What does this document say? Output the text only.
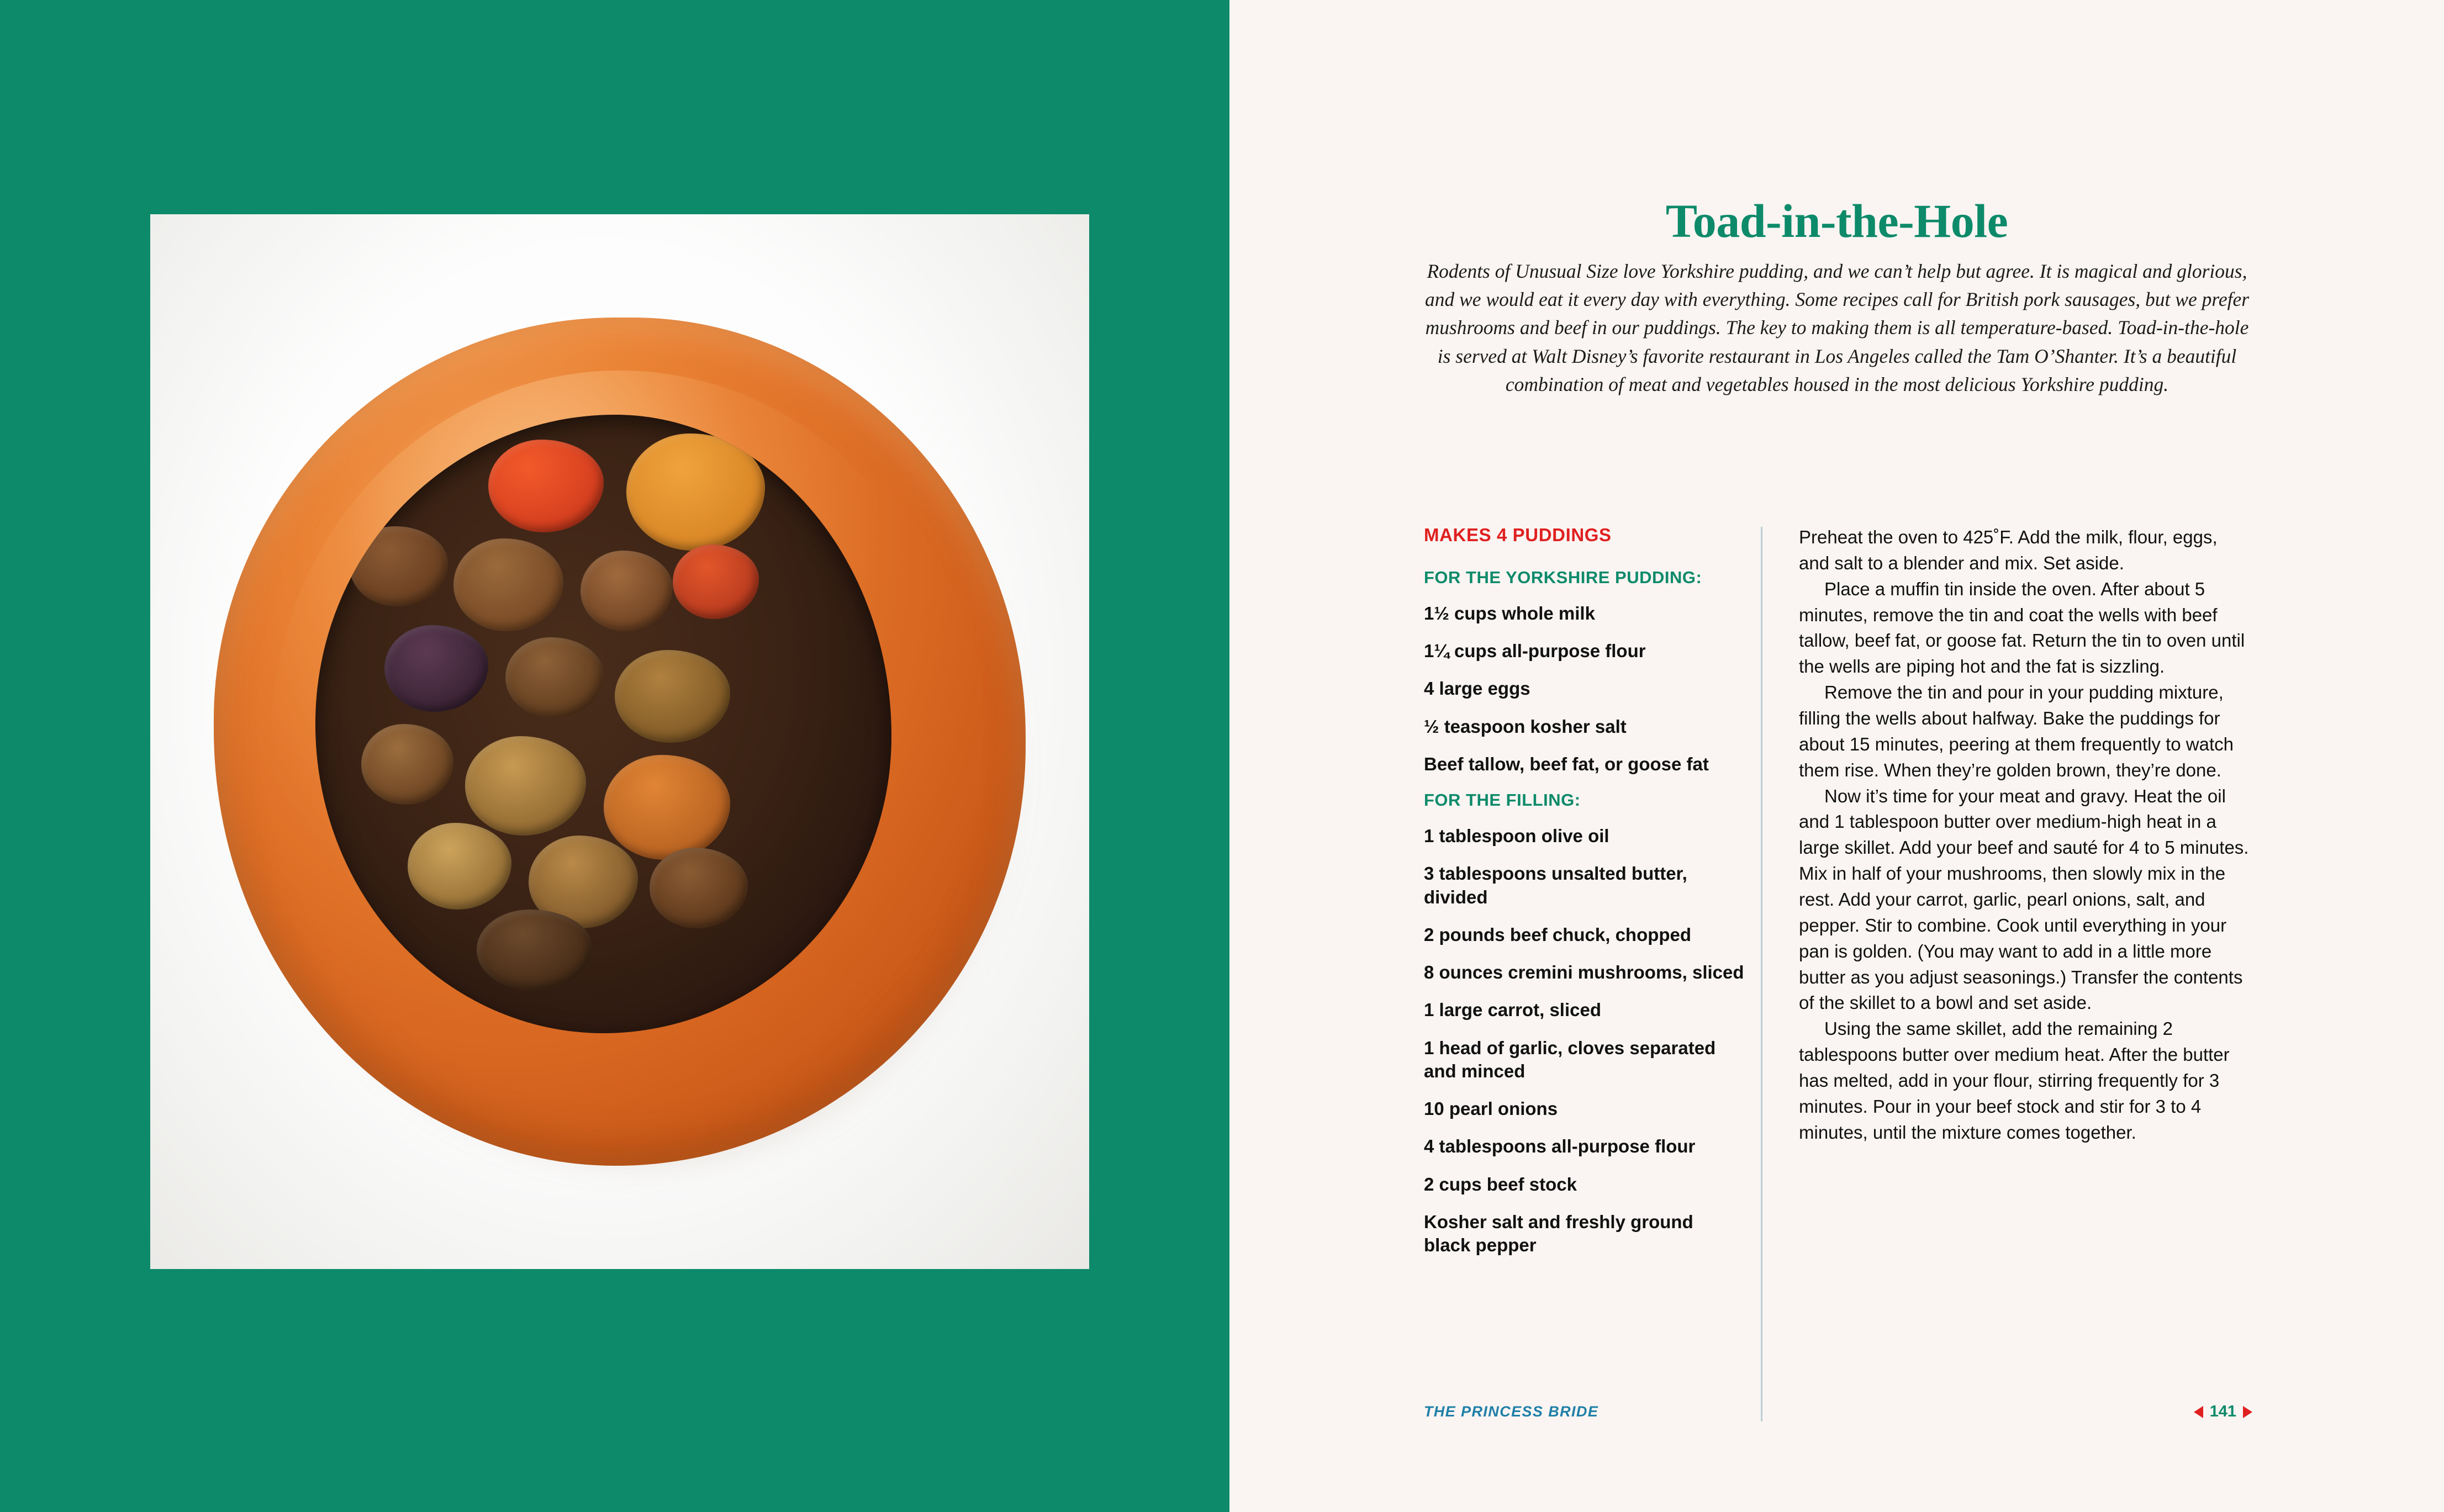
Toad-in-the-Hole

Rodents of Unusual Size love Yorkshire pudding, and we can’t help but agree. It is magical and glorious, and we would eat it every day with everything. Some recipes call for British pork sausages, but we prefer mushrooms and beef in our puddings. The key to making them is all temperature-based. Toad-in-the-hole is served at Walt Disney’s favorite restaurant in Los Angeles called the Tam O’Shanter. It’s a beautiful combination of meat and vegetables housed in the most delicious Yorkshire pudding.

MAKES 4 PUDDINGS
FOR THE YORKSHIRE PUDDING:
1½ cups whole milk
1¼ cups all-purpose flour
4 large eggs
½ teaspoon kosher salt
Beef tallow, beef fat, or goose fat
FOR THE FILLING:
1 tablespoon olive oil
3 tablespoons unsalted butter, divided
2 pounds beef chuck, chopped
8 ounces cremini mushrooms, sliced
1 large carrot, sliced
1 head of garlic, cloves separated and minced
10 pearl onions
4 tablespoons all-purpose flour
2 cups beef stock
Kosher salt and freshly ground black pepper

Preheat the oven to 425˚F. Add the milk, flour, eggs, and salt to a blender and mix. Set aside.

Place a muffin tin inside the oven. After about 5 minutes, remove the tin and coat the wells with beef tallow, beef fat, or goose fat. Return the tin to oven until the wells are piping hot and the fat is sizzling.

Remove the tin and pour in your pudding mixture, filling the wells about halfway. Bake the puddings for about 15 minutes, peering at them frequently to watch them rise. When they’re golden brown, they’re done.

Now it’s time for your meat and gravy. Heat the oil and 1 tablespoon butter over medium-high heat in a large skillet. Add your beef and sauté for 4 to 5 minutes. Mix in half of your mushrooms, then slowly mix in the rest. Add your carrot, garlic, pearl onions, salt, and pepper. Stir to combine. Cook until everything in your pan is golden. (You may want to add in a little more butter as you adjust seasonings.) Transfer the contents of the skillet to a bowl and set aside.

Using the same skillet, add the remaining 2 tablespoons butter over medium heat. After the butter has melted, add in your flour, stirring frequently for 3 minutes. Pour in your beef stock and stir for 3 to 4 minutes, until the mixture comes together.

THE PRINCESS BRIDE	141
